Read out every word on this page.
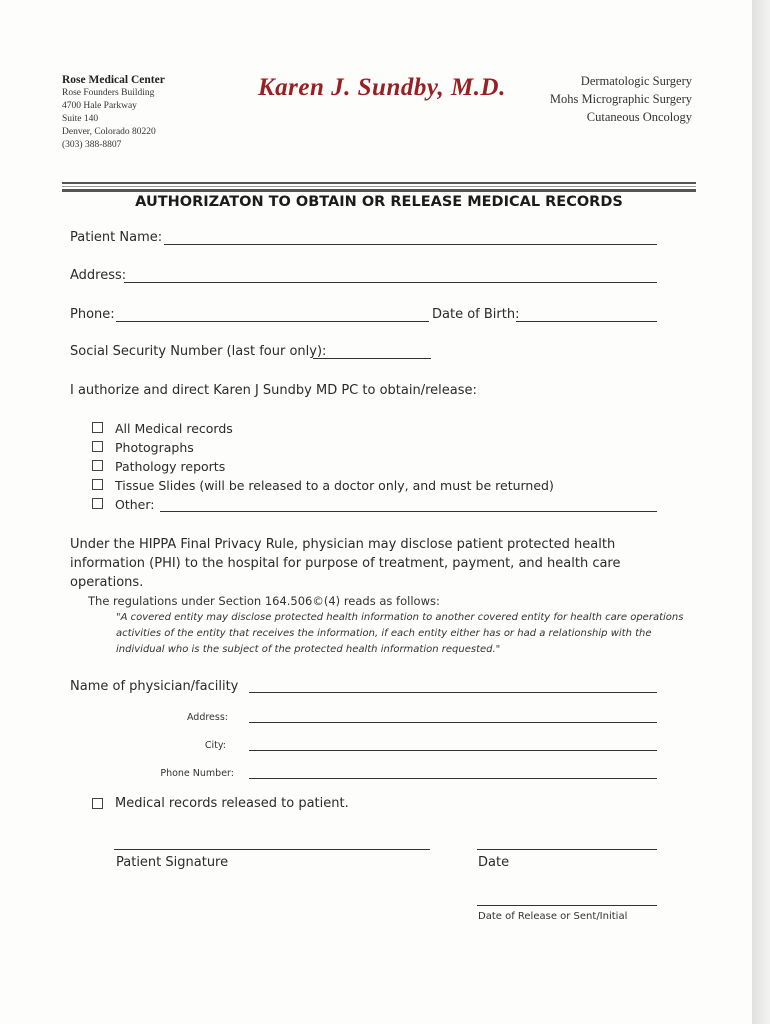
Rose Medical Center
Rose Founders Building
4700 Hale Parkway
Suite 140
Denver, Colorado 80220
(303) 388-8807
Karen J. Sundby, M.D.	Dermatologic Surgery
Mohs Micrographic Surgery
Cutaneous Oncology
AUTHORIZATON TO OBTAIN OR RELEASE MEDICAL RECORDS
Patient Name:
Address:
Phone:	Date of Birth:
Social Security Number (last four only):
I authorize and direct Karen J Sundby MD PC to obtain/release:
All Medical records
Photographs
Pathology reports
Tissue Slides (will be released to a doctor only, and must be returned)
Other:
Under the HIPPA Final Privacy Rule, physician may disclose patient protected health information (PHI) to the hospital for purpose of treatment, payment, and health care operations.
The regulations under Section 164.506©(4) reads as follows:
"A covered entity may disclose protected health information to another covered entity for health care operations activities of the entity that receives the information, if each entity either has or had a relationship with the individual who is the subject of the protected health information requested."
Name of physician/facility
Address:
City:
Phone Number:
Medical records released to patient.
Patient Signature	Date
Date of Release or Sent/Initial
